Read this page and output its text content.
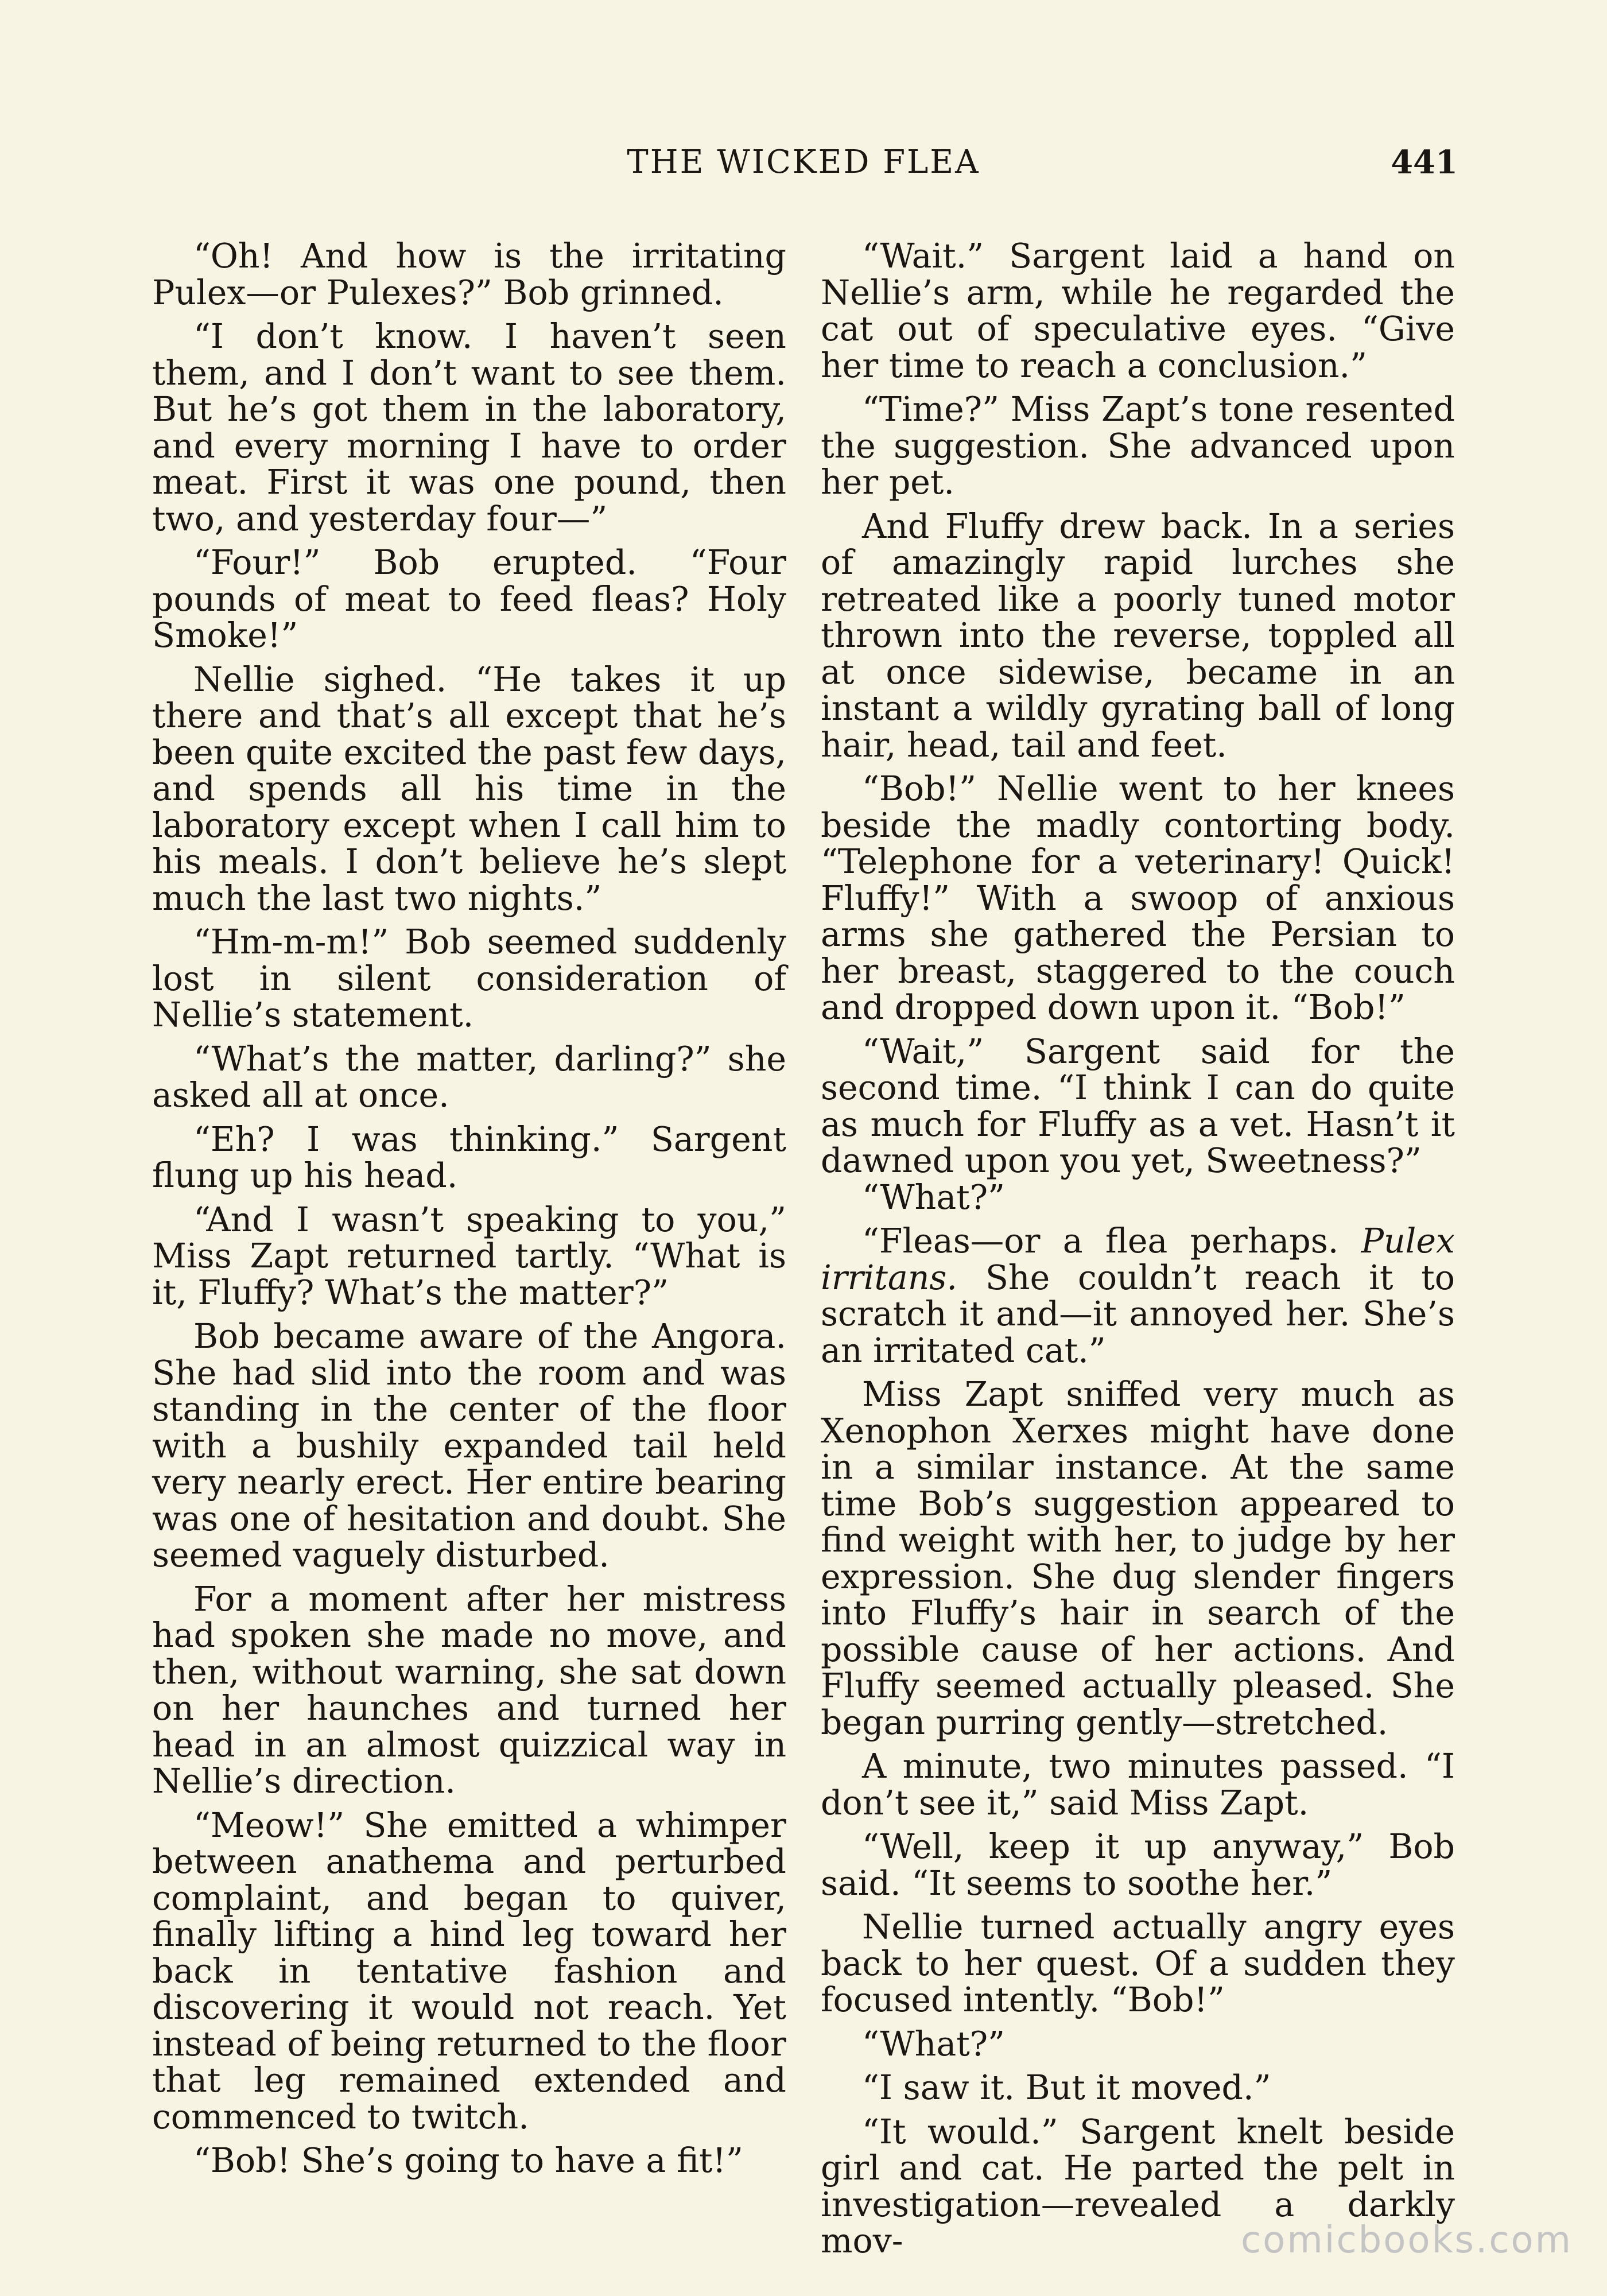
THE WICKED FLEA	441

“Oh! And how is the irritating Pulex—or Pulexes?” Bob grinned.

“I don’t know. I haven’t seen them, and I don’t want to see them. But he’s got them in the laboratory, and every morning I have to order meat. First it was one pound, then two, and yesterday four—”

“Four!” Bob erupted. “Four pounds of meat to feed fleas? Holy Smoke!”

Nellie sighed. “He takes it up there and that’s all except that he’s been quite excited the past few days, and spends all his time in the laboratory except when I call him to his meals. I don’t believe he’s slept much the last two nights.”

“Hm-m-m!” Bob seemed suddenly lost in silent consideration of Nellie’s statement.

“What’s the matter, darling?” she asked all at once.

“Eh? I was thinking.” Sargent flung up his head.

“And I wasn’t speaking to you,” Miss Zapt returned tartly. “What is it, Fluffy? What’s the matter?”

Bob became aware of the Angora. She had slid into the room and was standing in the center of the floor with a bushily expanded tail held very nearly erect. Her entire bearing was one of hesitation and doubt. She seemed vaguely disturbed.

For a moment after her mistress had spoken she made no move, and then, without warning, she sat down on her haunches and turned her head in an almost quizzical way in Nellie’s direction.

“Meow!” She emitted a whimper between anathema and perturbed complaint, and began to quiver, finally lifting a hind leg toward her back in tentative fashion and discovering it would not reach. Yet instead of being returned to the floor that leg remained extended and commenced to twitch.

“Bob! She’s going to have a fit!”

“Wait.” Sargent laid a hand on Nellie’s arm, while he regarded the cat out of speculative eyes. “Give her time to reach a conclusion.”

“Time?” Miss Zapt’s tone resented the suggestion. She advanced upon her pet.

And Fluffy drew back. In a series of amazingly rapid lurches she retreated like a poorly tuned motor thrown into the reverse, toppled all at once sidewise, became in an instant a wildly gyrating ball of long hair, head, tail and feet.

“Bob!” Nellie went to her knees beside the madly contorting body. “Telephone for a veterinary! Quick! Fluffy!” With a swoop of anxious arms she gathered the Persian to her breast, staggered to the couch and dropped down upon it. “Bob!”

“Wait,” Sargent said for the second time. “I think I can do quite as much for Fluffy as a vet. Hasn’t it dawned upon you yet, Sweetness?”

“What?”

“Fleas—or a flea perhaps. Pulex irritans. She couldn’t reach it to scratch it and—it annoyed her. She’s an irritated cat.”

Miss Zapt sniffed very much as Xenophon Xerxes might have done in a similar instance. At the same time Bob’s suggestion appeared to find weight with her, to judge by her expression. She dug slender fingers into Fluffy’s hair in search of the possible cause of her actions. And Fluffy seemed actually pleased. She began purring gently—stretched.

A minute, two minutes passed. “I don’t see it,” said Miss Zapt.

“Well, keep it up anyway,” Bob said. “It seems to soothe her.”

Nellie turned actually angry eyes back to her quest. Of a sudden they focused intently. “Bob!”

“What?”

“I saw it. But it moved.”

“It would.” Sargent knelt beside girl and cat. He parted the pelt in investigation—revealed a darkly mov-	comicbooks.com
